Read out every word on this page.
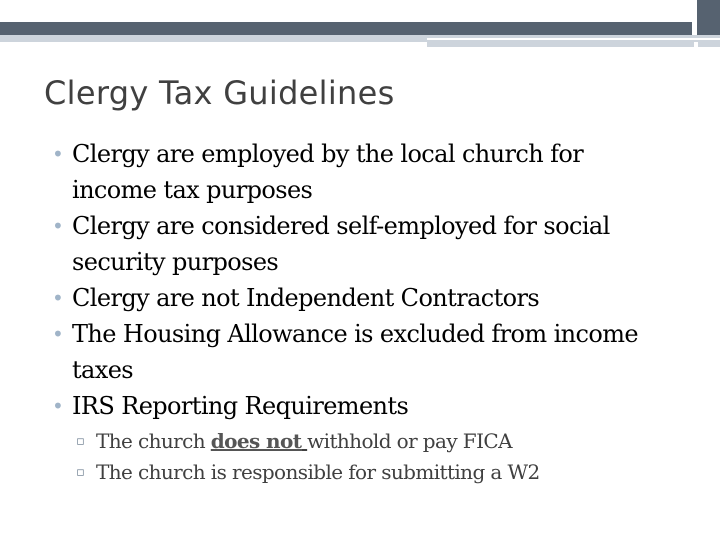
Clergy Tax Guidelines
• Clergy are employed by the local church for
income tax purposes
• Clergy are considered self-employed for social
security purposes
• Clergy are not Independent Contractors
• The Housing Allowance is excluded from income
taxes
• IRS Reporting Requirements
▫ The church does not withhold or pay FICA
▫ The church is responsible for submitting a W2
